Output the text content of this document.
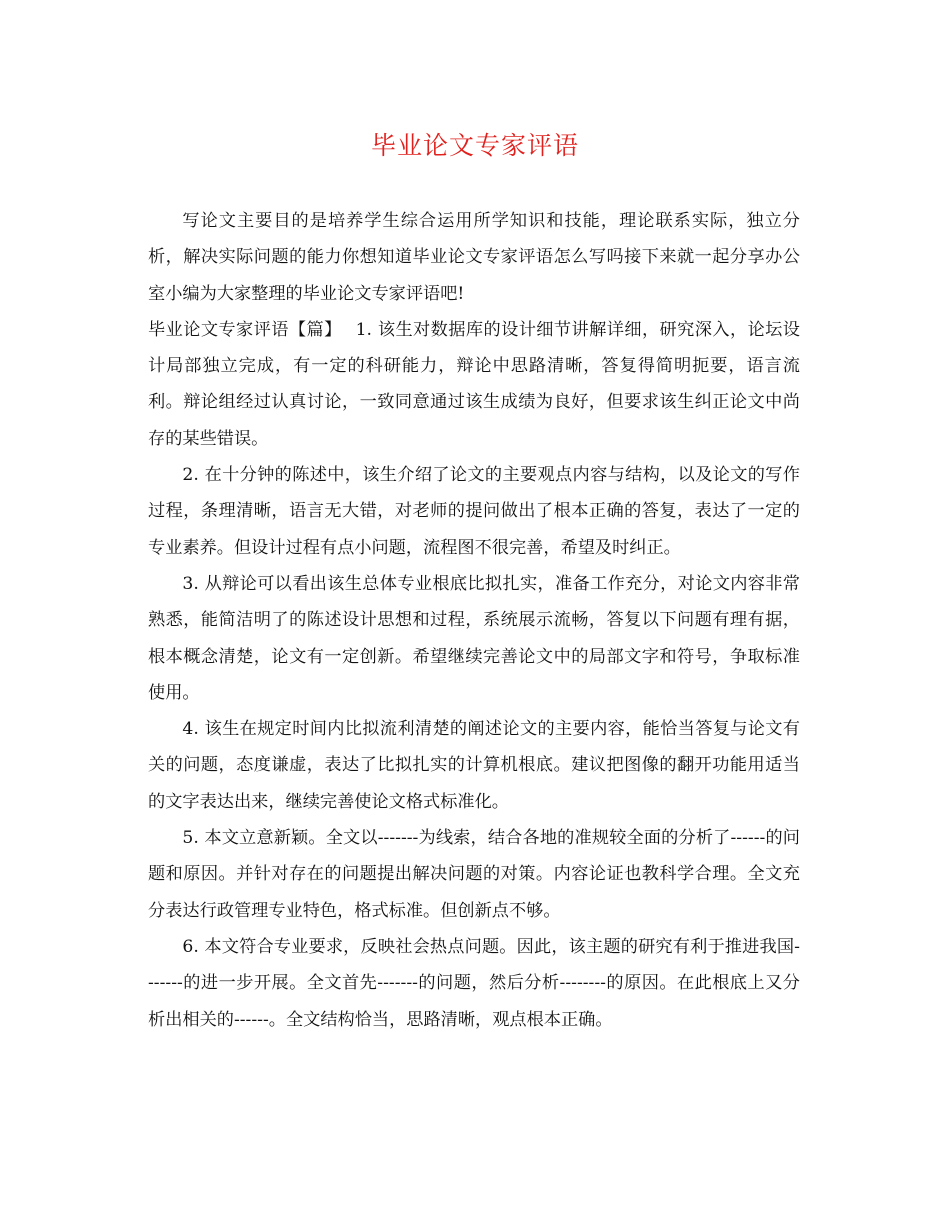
毕业论文专家评语

写论文主要目的是培养学生综合运用所学知识和技能，理论联系实际，独立分析，解决实际问题的能力你想知道毕业论文专家评语怎么写吗接下来就一起分享办公室小编为大家整理的毕业论文专家评语吧!

毕业论文专家评语【篇】 1. 该生对数据库的设计细节讲解详细，研究深入，论坛设计局部独立完成，有一定的科研能力，辩论中思路清晰，答复得简明扼要，语言流利。辩论组经过认真讨论，一致同意通过该生成绩为良好，但要求该生纠正论文中尚存的某些错误。

2. 在十分钟的陈述中，该生介绍了论文的主要观点内容与结构，以及论文的写作过程，条理清晰，语言无大错，对老师的提问做出了根本正确的答复，表达了一定的专业素养。但设计过程有点小问题，流程图不很完善，希望及时纠正。

3. 从辩论可以看出该生总体专业根底比拟扎实，准备工作充分，对论文内容非常熟悉，能简洁明了的陈述设计思想和过程，系统展示流畅，答复以下问题有理有据，根本概念清楚，论文有一定创新。希望继续完善论文中的局部文字和符号，争取标准使用。

4. 该生在规定时间内比拟流利清楚的阐述论文的主要内容，能恰当答复与论文有关的问题，态度谦虚，表达了比拟扎实的计算机根底。建议把图像的翻开功能用适当的文字表达出来，继续完善使论文格式标准化。

5. 本文立意新颖。全文以-------为线索，结合各地的准规较全面的分析了------的问题和原因。并针对存在的问题提出解决问题的对策。内容论证也教科学合理。全文充分表达行政管理专业特色，格式标准。但创新点不够。

6. 本文符合专业要求，反映社会热点问题。因此，该主题的研究有利于推进我国-------的进一步开展。全文首先-------的问题，然后分析--------的原因。在此根底上又分析出相关的------。全文结构恰当，思路清晰，观点根本正确。
